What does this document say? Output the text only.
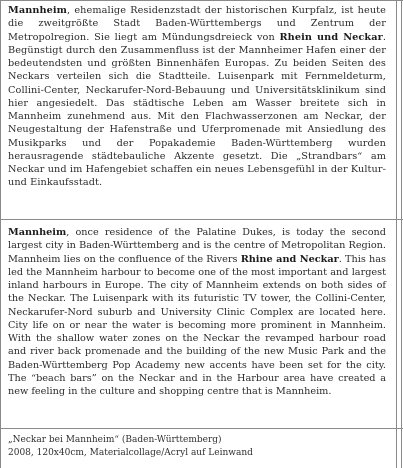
Mannheim, ehemalige Residenzstadt der historischen Kurpfalz, ist heute die zweitgrößte Stadt Baden-Württembergs und Zentrum der Metropolregion. Sie liegt am Mündungsdreieck von Rhein und Neckar. Begünstigt durch den Zusammenfluss ist der Mannheimer Hafen einer der bedeutendsten und größten Binnenhäfen Europas. Zu beiden Seiten des Neckars verteilen sich die Stadtteile. Luisenpark mit Fernmeldeturm, Collini-Center, Neckarufer-Nord-Bebauung und Universitätsklinikum sind hier angesiedelt. Das städtische Leben am Wasser breitete sich in Mannheim zunehmend aus. Mit den Flachwasserzonen am Neckar, der Neugestaltung der Hafenstraße und Uferpromenade mit Ansiedlung des Musikparks und der Popakademie Baden-Württemberg wurden herausragende städtebauliche Akzente gesetzt. Die „Strandbars“ am Neckar und im Hafengebiet schaffen ein neues Lebensgefühl in der Kultur- und Einkaufsstadt.

Mannheim, once residence of the Palatine Dukes, is today the second largest city in Baden-Württemberg and is the centre of Metropolitan Region. Mannheim lies on the confluence of the Rivers Rhine and Neckar. This has led the Mannheim harbour to become one of the most important and largest inland harbours in Europe. The city of Mannheim extends on both sides of the Neckar. The Luisenpark with its futuristic TV tower, the Collini-Center, Neckarufer-Nord suburb and University Clinic Complex are located here. City life on or near the water is becoming more prominent in Mannheim. With the shallow water zones on the Neckar the revamped harbour road and river back promenade and the building of the new Music Park and the Baden-Württemberg Pop Academy new accents have been set for the city. The “beach bars” on the Neckar and in the Harbour area have created a new feeling in the culture and shopping centre that is Mannheim.

„Neckar bei Mannheim“ (Baden-Württemberg)
2008, 120x40cm, Materialcollage/Acryl auf Leinwand
